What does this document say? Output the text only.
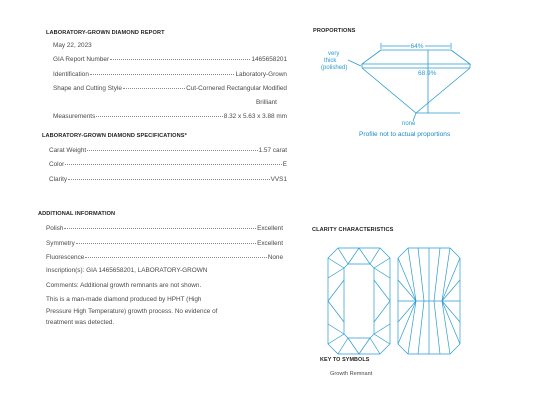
LABORATORY-GROWN DIAMOND REPORT
May 22, 2023
GIA Report Number	1465658201
Identification	Laboratory-Grown
Shape and Cutting Style	Cut-Cornered Rectangular Modified
Brilliant
Measurements	8.32 x 5.63 x 3.88 mm
LABORATORY-GROWN DIAMOND SPECIFICATIONS*
Carat Weight	1.57 carat
Color	E
Clarity	VVS1
ADDITIONAL INFORMATION
Polish	Excellent
Symmetry	Excellent
Fluorescence	None
Inscription(s): GIA 1465658201, LABORATORY-GROWN
Comments: Additional growth remnants are not shown.
This is a man-made diamond produced by HPHT (High
Pressure High Temperature) growth process. No evidence of
treatment was detected.
PROPORTIONS
64%
68.9%
very
thick
(polished)
none
Profile not to actual proportions
CLARITY CHARACTERISTICS
KEY TO SYMBOLS
Growth Remnant
